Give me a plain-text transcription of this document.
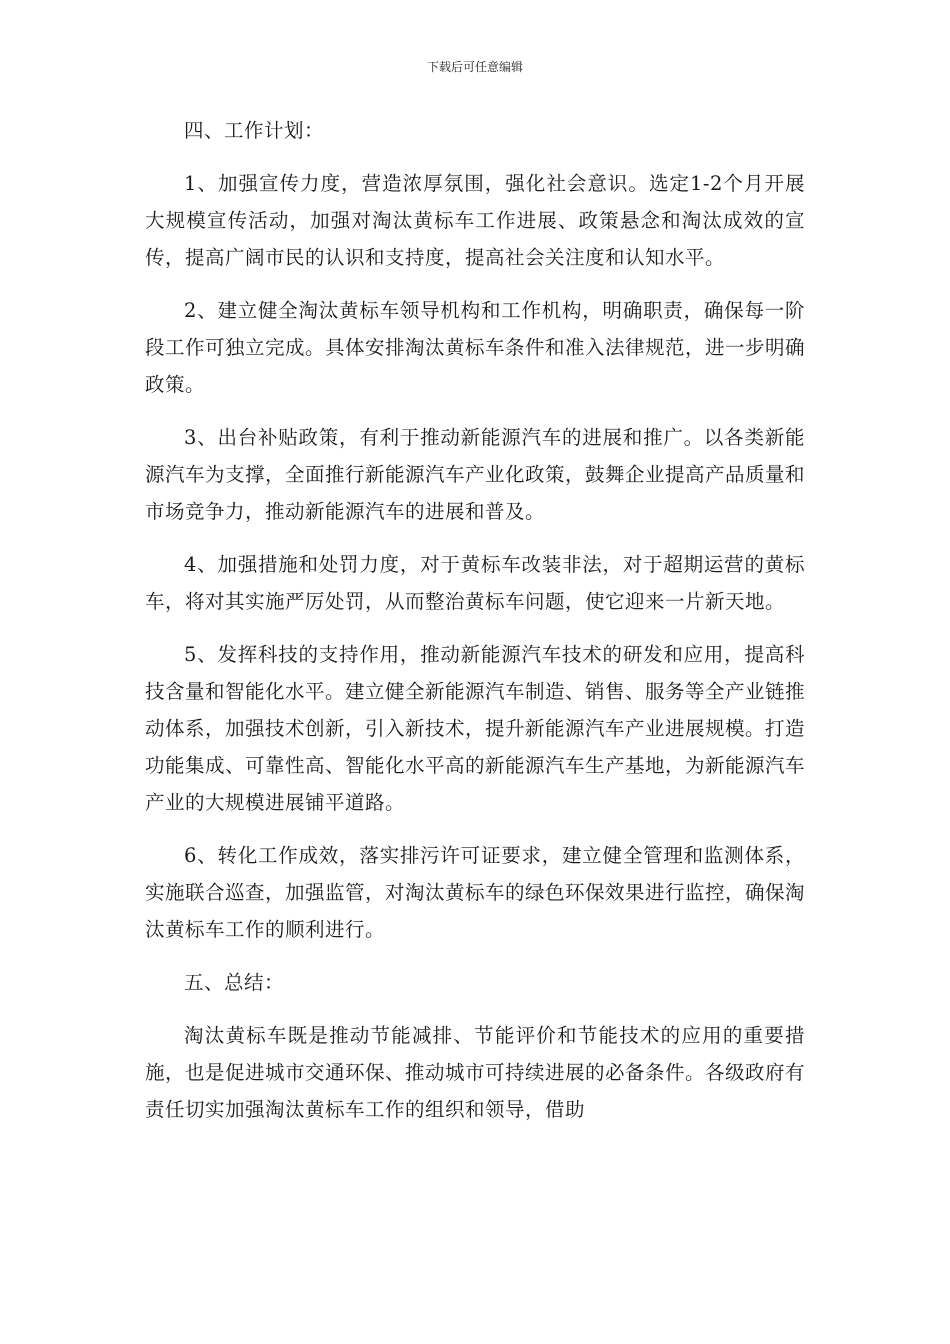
下载后可任意编辑

四、工作计划：

1、加强宣传力度，营造浓厚氛围，强化社会意识。选定1-2个月开展大规模宣传活动，加强对淘汰黄标车工作进展、政策悬念和淘汰成效的宣传，提高广阔市民的认识和支持度，提高社会关注度和认知水平。

2、建立健全淘汰黄标车领导机构和工作机构，明确职责，确保每一阶段工作可独立完成。具体安排淘汰黄标车条件和准入法律规范，进一步明确政策。

3、出台补贴政策，有利于推动新能源汽车的进展和推广。以各类新能源汽车为支撑，全面推行新能源汽车产业化政策，鼓舞企业提高产品质量和市场竞争力，推动新能源汽车的进展和普及。

4、加强措施和处罚力度，对于黄标车改装非法，对于超期运营的黄标车，将对其实施严厉处罚，从而整治黄标车问题，使它迎来一片新天地。

5、发挥科技的支持作用，推动新能源汽车技术的研发和应用，提高科技含量和智能化水平。建立健全新能源汽车制造、销售、服务等全产业链推动体系，加强技术创新，引入新技术，提升新能源汽车产业进展规模。打造功能集成、可靠性高、智能化水平高的新能源汽车生产基地，为新能源汽车产业的大规模进展铺平道路。

6、转化工作成效，落实排污许可证要求，建立健全管理和监测体系，实施联合巡查，加强监管，对淘汰黄标车的绿色环保效果进行监控，确保淘汰黄标车工作的顺利进行。

五、总结：

淘汰黄标车既是推动节能减排、节能评价和节能技术的应用的重要措施，也是促进城市交通环保、推动城市可持续进展的必备条件。各级政府有责任切实加强淘汰黄标车工作的组织和领导，借助
